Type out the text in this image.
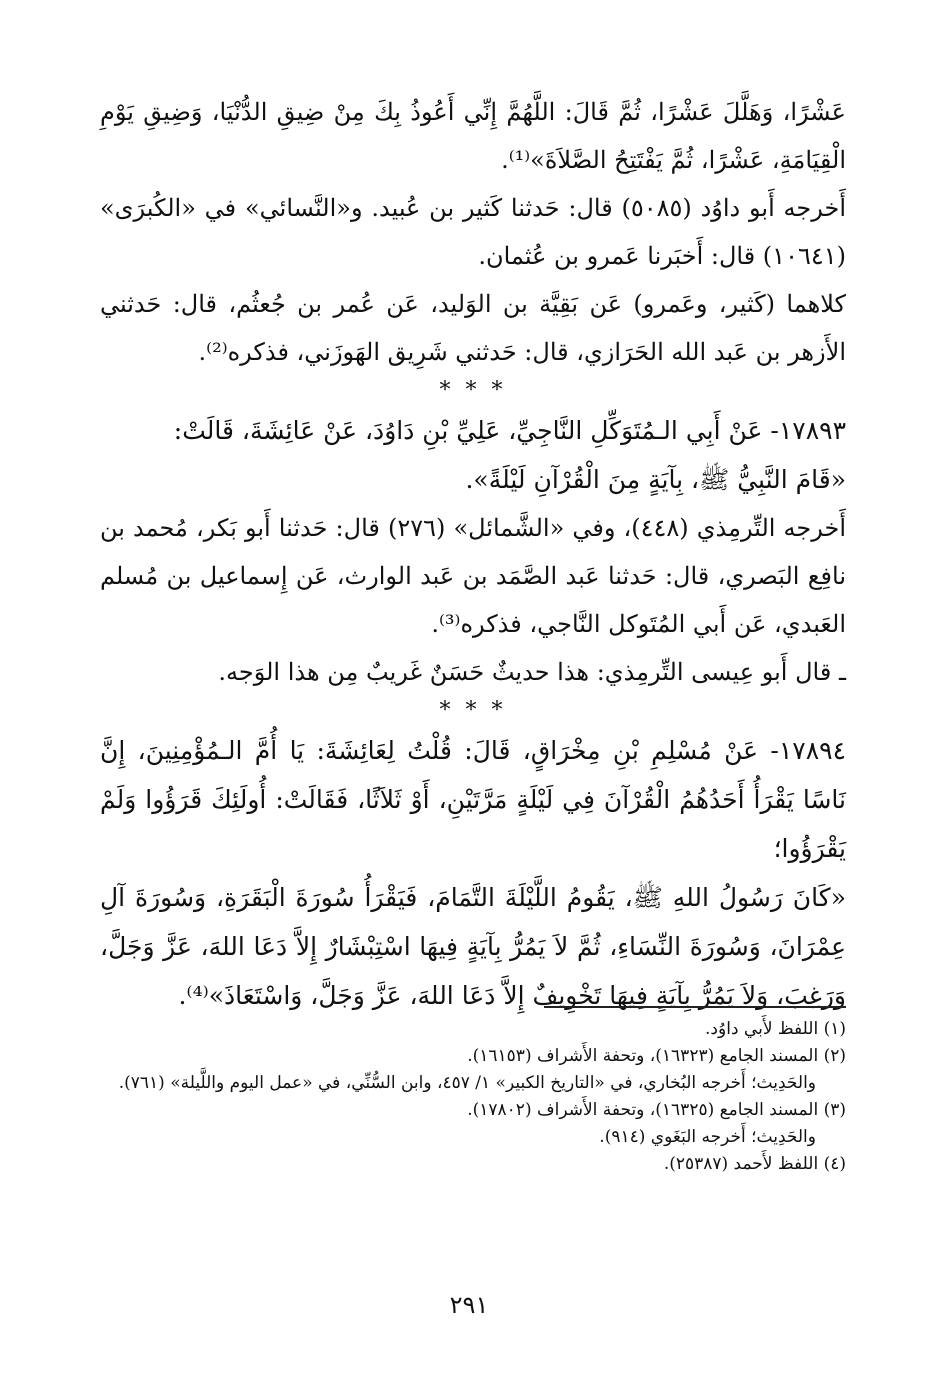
عَشْرًا، وَهَلَّلَ عَشْرًا، ثُمَّ قَالَ: اللَّهُمَّ إِنِّي أَعُوذُ بِكَ مِنْ ضِيقِ الدُّنْيَا، وَضِيقِ يَوْمِ الْقِيَامَةِ، عَشْرًا، ثُمَّ يَفْتَتِحُ الصَّلاَةَ»⁽¹⁾.

أَخرجه أَبو داوُد (٥٠٨٥) قال: حَدثنا كَثير بن عُبيد. و«النَّسائي» في «الكُبرَى» (١٠٦٤١) قال: أَخبَرنا عَمرو بن عُثمان.

كلاهما (كَثير، وعَمرو) عَن بَقِيَّة بن الوَليد، عَن عُمر بن جُعثُم، قال: حَدثني الأَزهر بن عَبد الله الحَرَازي، قال: حَدثني شَرِيق الهَوزَني، فذكره⁽²⁾.

* * *

١٧٨٩٣- عَنْ أَبِي الـمُتَوَكِّلِ النَّاجِيِّ، عَلِيِّ بْنِ دَاوُدَ، عَنْ عَائِشَةَ، قَالَتْ:

«قَامَ النَّبِيُّ ﷺ، بِآيَةٍ مِنَ الْقُرْآنِ لَيْلَةً».

أَخرجه التِّرمِذي (٤٤٨)، وفي «الشَّمائل» (٢٧٦) قال: حَدثنا أَبو بَكر، مُحمد بن نافِع البَصري، قال: حَدثنا عَبد الصَّمَد بن عَبد الوارث، عَن إِسماعيل بن مُسلم العَبدي، عَن أَبي المُتَوكل النَّاجي، فذكره⁽³⁾.

ـ قال أَبو عِيسى التِّرمِذي: هذا حديثٌ حَسَنٌ غَريبٌ مِن هذا الوَجه.

* * *

١٧٨٩٤- عَنْ مُسْلِمِ بْنِ مِخْرَاقٍ، قَالَ: قُلْتُ لِعَائِشَةَ: يَا أُمَّ الـمُؤْمِنِينَ، إِنَّ نَاسًا يَقْرَأُ أَحَدُهُمُ الْقُرْآنَ فِي لَيْلَةٍ مَرَّتَيْنِ، أَوْ ثَلاَثًا، فَقَالَتْ: أُولَئِكَ قَرَؤُوا وَلَمْ يَقْرَؤُوا؛

«كَانَ رَسُولُ اللهِ ﷺ، يَقُومُ اللَّيْلَةَ التَّمَامَ، فَيَقْرَأُ سُورَةَ الْبَقَرَةِ، وَسُورَةَ آلِ عِمْرَانَ، وَسُورَةَ النِّسَاءِ، ثُمَّ لاَ يَمُرُّ بِآيَةٍ فِيهَا اسْتِبْشَارٌ إِلاَّ دَعَا اللهَ، عَزَّ وَجَلَّ، وَرَغِبَ، وَلاَ يَمُرُّ بِآيَةٍ فِيهَا تَخْوِيفٌ إِلاَّ دَعَا اللهَ، عَزَّ وَجَلَّ، وَاسْتَعَاذَ»⁽⁴⁾.

(١) اللفظ لأَبي داوُد.

(٢) المسند الجامع (١٦٣٢٣)، وتحفة الأَشراف (١٦١٥٣).

والحَدِيث؛ أَخرجه البُخاري، في «التاريخ الكبير» ١/ ٤٥٧، وابن السُّنِّي، في «عمل اليوم واللَّيلة» (٧٦١).

(٣) المسند الجامع (١٦٣٢٥)، وتحفة الأَشراف (١٧٨٠٢).

والحَدِيث؛ أَخرجه البَغَوي (٩١٤).

(٤) اللفظ لأَحمد (٢٥٣٨٧).

٢٩١
